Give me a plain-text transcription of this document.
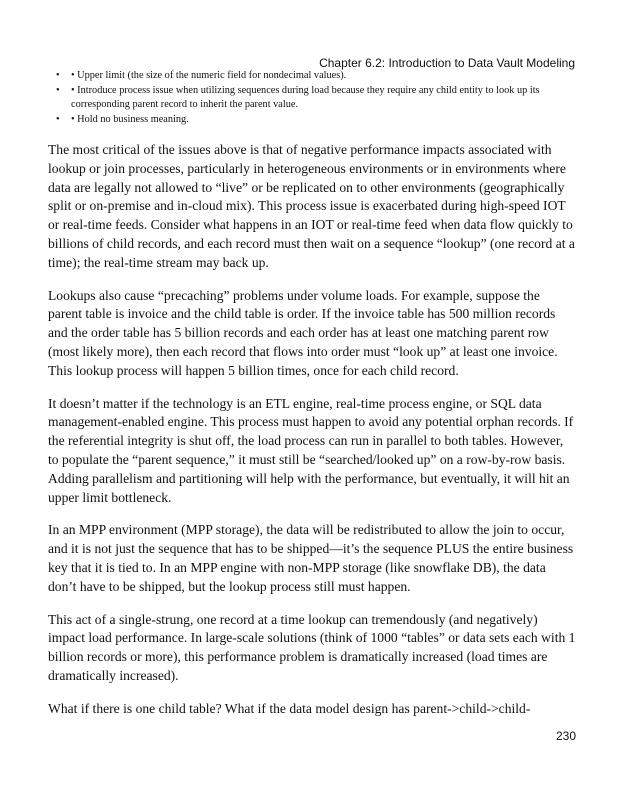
Chapter 6.2: Introduction to Data Vault Modeling
• • Upper limit (the size of the numeric field for nondecimal values).
• • Introduce process issue when utilizing sequences during load because they require any child entity to look up its corresponding parent record to inherit the parent value.
• • Hold no business meaning.

The most critical of the issues above is that of negative performance impacts associated with lookup or join processes, particularly in heterogeneous environments or in environments where data are legally not allowed to “live” or be replicated on to other environments (geographically split or on-premise and in-cloud mix). This process issue is exacerbated during high-speed IOT or real-time feeds. Consider what happens in an IOT or real-time feed when data flow quickly to billions of child records, and each record must then wait on a sequence “lookup” (one record at a time); the real-time stream may back up.

Lookups also cause “precaching” problems under volume loads. For example, suppose the parent table is invoice and the child table is order. If the invoice table has 500 million records and the order table has 5 billion records and each order has at least one matching parent row (most likely more), then each record that flows into order must “look up” at least one invoice. This lookup process will happen 5 billion times, once for each child record.

It doesn’t matter if the technology is an ETL engine, real-time process engine, or SQL data management-enabled engine. This process must happen to avoid any potential orphan records. If the referential integrity is shut off, the load process can run in parallel to both tables. However, to populate the “parent sequence,” it must still be “searched/looked up” on a row-by-row basis. Adding parallelism and partitioning will help with the performance, but eventually, it will hit an upper limit bottleneck.

In an MPP environment (MPP storage), the data will be redistributed to allow the join to occur, and it is not just the sequence that has to be shipped—it’s the sequence PLUS the entire business key that it is tied to. In an MPP engine with non-MPP storage (like snowflake DB), the data don’t have to be shipped, but the lookup process still must happen.

This act of a single-strung, one record at a time lookup can tremendously (and negatively) impact load performance. In large-scale solutions (think of 1000 “tables” or data sets each with 1 billion records or more), this performance problem is dramatically increased (load times are dramatically increased).

What if there is one child table? What if the data model design has parent->child->child-

230
